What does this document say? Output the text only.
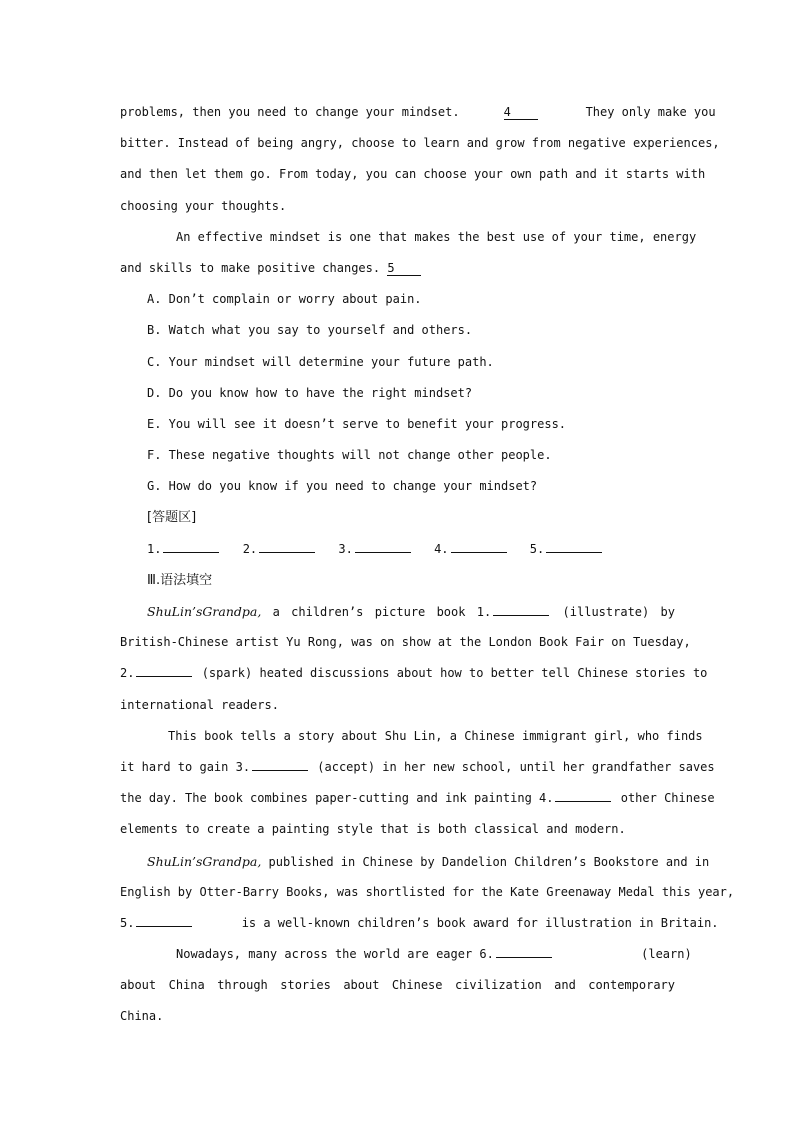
problems, then you need to change your mindset.	4	They only make you
bitter. Instead of being angry, choose to learn and grow from negative experiences,
and then let them go. From today, you can choose your own path and it starts with
choosing your thoughts.
An effective mindset is one that makes the best use of your time, energy
and skills to make positive changes. 5
A. Don’t complain or worry about pain.
B. Watch what you say to yourself and others.
C. Your mindset will determine your future path.
D. Do you know how to have the right mindset?
E. You will see it doesn’t serve to benefit your progress.
F. These negative thoughts will not change other people.
G. How do you know if you need to change your mindset?
[答题区]
1.	2.	3.	4.	5.
Ⅲ.语法填空
ShuLin’sGrandpa, a children’s picture book 1.	(illustrate) by
British-Chinese artist Yu Rong, was on show at the London Book Fair on Tuesday,
2.	(spark) heated discussions about how to better tell Chinese stories to
international readers.
This book tells a story about Shu Lin, a Chinese immigrant girl, who finds
it hard to gain 3.	(accept) in her new school, until her grandfather saves
the day. The book combines paper-cutting and ink painting 4.	other Chinese
elements to create a painting style that is both classical and modern.
ShuLin’sGrandpa, published in Chinese by Dandelion Children’s Bookstore and in
English by Otter-Barry Books, was shortlisted for the Kate Greenaway Medal this year,
5.	is a well-known children’s book award for illustration in Britain.
Nowadays, many across the world are eager 6.	(learn)
about China through stories about Chinese civilization and contemporary
China.
